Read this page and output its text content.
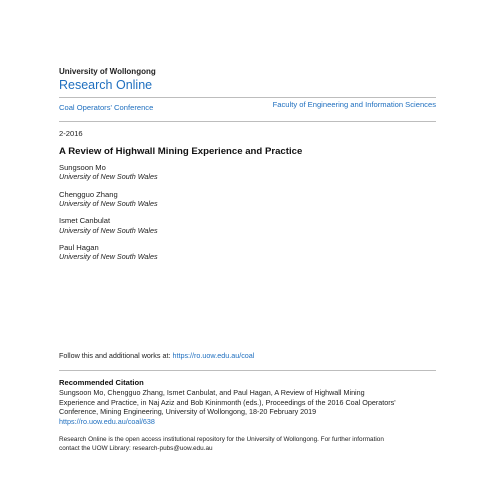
University of Wollongong
Research Online
Coal Operators' Conference	Faculty of Engineering and Information Sciences
2-2016
A Review of Highwall Mining Experience and Practice
Sungsoon Mo
University of New South Wales
Chengguo Zhang
University of New South Wales
Ismet Canbulat
University of New South Wales
Paul Hagan
University of New South Wales
Follow this and additional works at: https://ro.uow.edu.au/coal
Recommended Citation
Sungsoon Mo, Chengguo Zhang, Ismet Canbulat, and Paul Hagan, A Review of Highwall Mining
Experience and Practice, in Naj Aziz and Bob Kininmonth (eds.), Proceedings of the 2016 Coal Operators'
Conference, Mining Engineering, University of Wollongong, 18-20 February 2019
https://ro.uow.edu.au/coal/638
Research Online is the open access institutional repository for the University of Wollongong. For further information
contact the UOW Library: research-pubs@uow.edu.au
